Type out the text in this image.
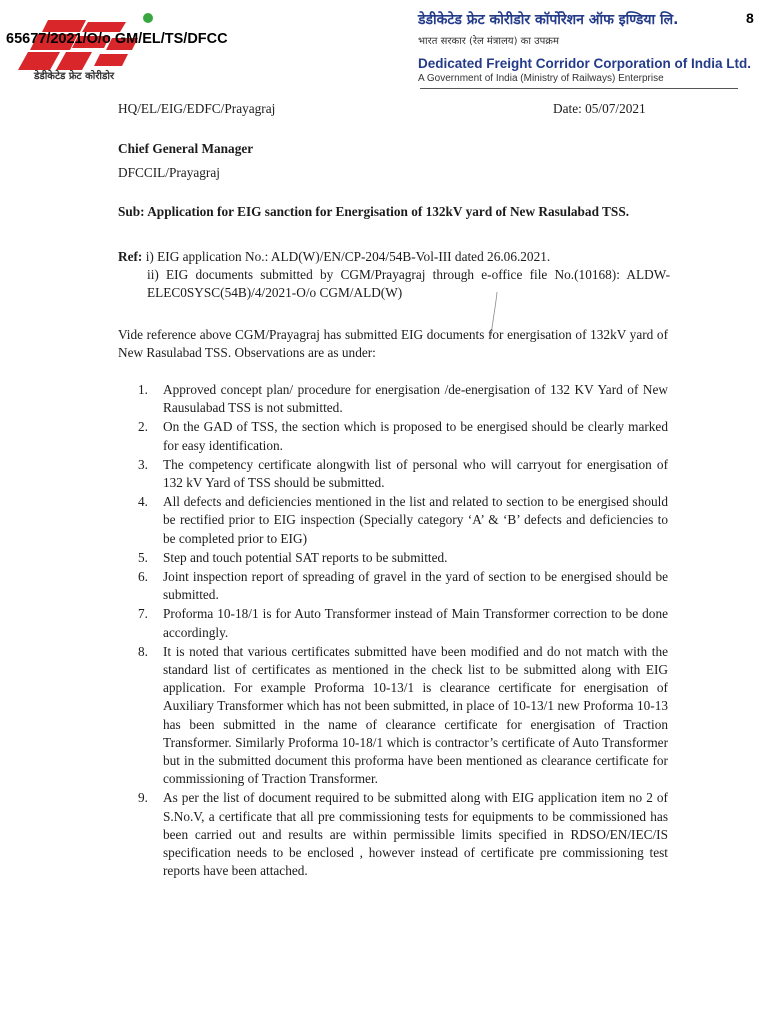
65677/2021/O/o GM/EL/TS/DFCC
डेडीकेटेड फ्रेट कोरीडोर
डेडीकेटेड फ्रेट कोरीडोर कॉर्पोरेशन ऑफ इण्डिया लि.
भारत सरकार (रेल मंत्रालय) का उपक्रम
Dedicated Freight Corridor Corporation of India Ltd.
A Government of India (Ministry of Railways) Enterprise
8
HQ/EL/EIG/EDFC/Prayagraj	Date: 05/07/2021
Chief General Manager
DFCCIL/Prayagraj
Sub: Application for EIG sanction for Energisation of 132kV yard of New Rasulabad TSS.
Ref: i) EIG application No.: ALD(W)/EN/CP-204/54B-Vol-III dated 26.06.2021.
ii) EIG documents submitted by CGM/Prayagraj through e-office file No.(10168): ALDW-ELEC0SYSC(54B)/4/2021-O/o CGM/ALD(W)
Vide reference above CGM/Prayagraj has submitted EIG documents for energisation of 132kV yard of New Rasulabad TSS. Observations are as under:
1. Approved concept plan/ procedure for energisation /de-energisation of 132 KV Yard of New Rausulabad TSS is not submitted.
2. On the GAD of TSS, the section which is proposed to be energised should be clearly marked for easy identification.
3. The competency certificate alongwith list of personal who will carryout for energisation of 132 kV Yard of TSS should be submitted.
4. All defects and deficiencies mentioned in the list and related to section to be energised should be rectified prior to EIG inspection (Specially category ‘A’ & ‘B’ defects and deficiencies to be completed prior to EIG)
5. Step and touch potential SAT reports to be submitted.
6. Joint inspection report of spreading of gravel in the yard of section to be energised should be submitted.
7. Proforma 10-18/1 is for Auto Transformer instead of Main Transformer correction to be done accordingly.
8. It is noted that various certificates submitted have been modified and do not match with the standard list of certificates as mentioned in the check list to be submitted along with EIG application. For example Proforma 10-13/1 is clearance certificate for energisation of Auxiliary Transformer which has not been submitted, in place of 10-13/1 new Proforma 10-13 has been submitted in the name of clearance certificate for energisation of Traction Transformer. Similarly Proforma 10-18/1 which is contractor’s certificate of Auto Transformer but in the submitted document this proforma have been mentioned as clearance certificate for commissioning of Traction Transformer.
9. As per the list of document required to be submitted along with EIG application item no 2 of S.No.V, a certificate that all pre commissioning tests for equipments to be commissioned has been carried out and results are within permissible limits specified in RDSO/EN/IEC/IS specification needs to be enclosed , however instead of certificate pre commissioning test reports have been attached.
